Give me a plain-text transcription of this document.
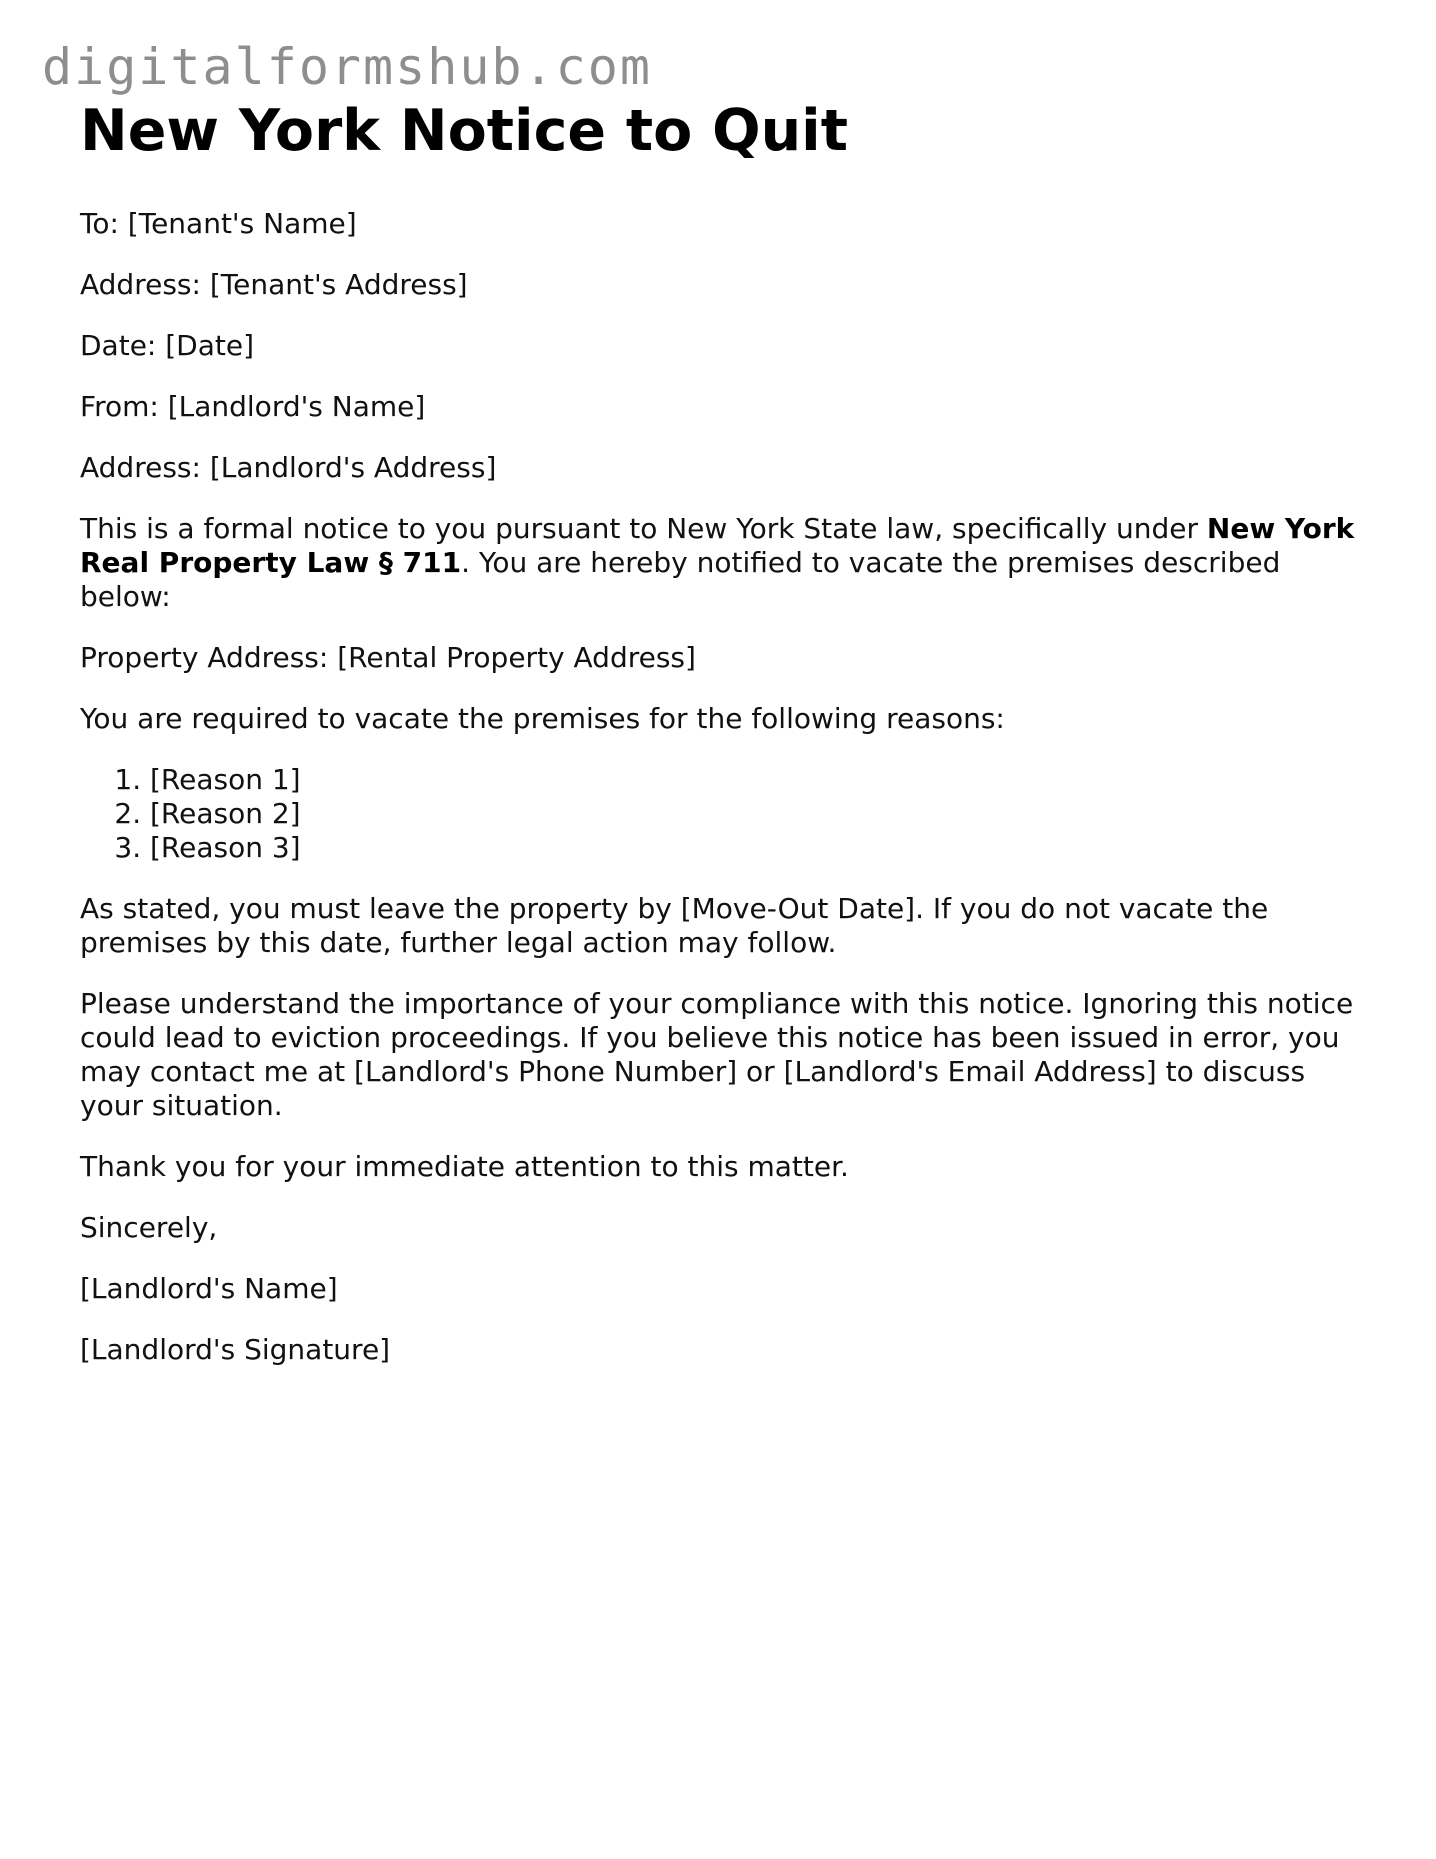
digitalformshub.com
New York Notice to Quit

To: [Tenant's Name]

Address: [Tenant's Address]

Date: [Date]

From: [Landlord's Name]

Address: [Landlord's Address]

This is a formal notice to you pursuant to New York State law, specifically under New York Real Property Law § 711. You are hereby notified to vacate the premises described below:

Property Address: [Rental Property Address]

You are required to vacate the premises for the following reasons:

1. [Reason 1]
2. [Reason 2]
3. [Reason 3]

As stated, you must leave the property by [Move-Out Date]. If you do not vacate the premises by this date, further legal action may follow.

Please understand the importance of your compliance with this notice. Ignoring this notice could lead to eviction proceedings. If you believe this notice has been issued in error, you may contact me at [Landlord's Phone Number] or [Landlord's Email Address] to discuss your situation.

Thank you for your immediate attention to this matter.

Sincerely,

[Landlord's Name]

[Landlord's Signature]
